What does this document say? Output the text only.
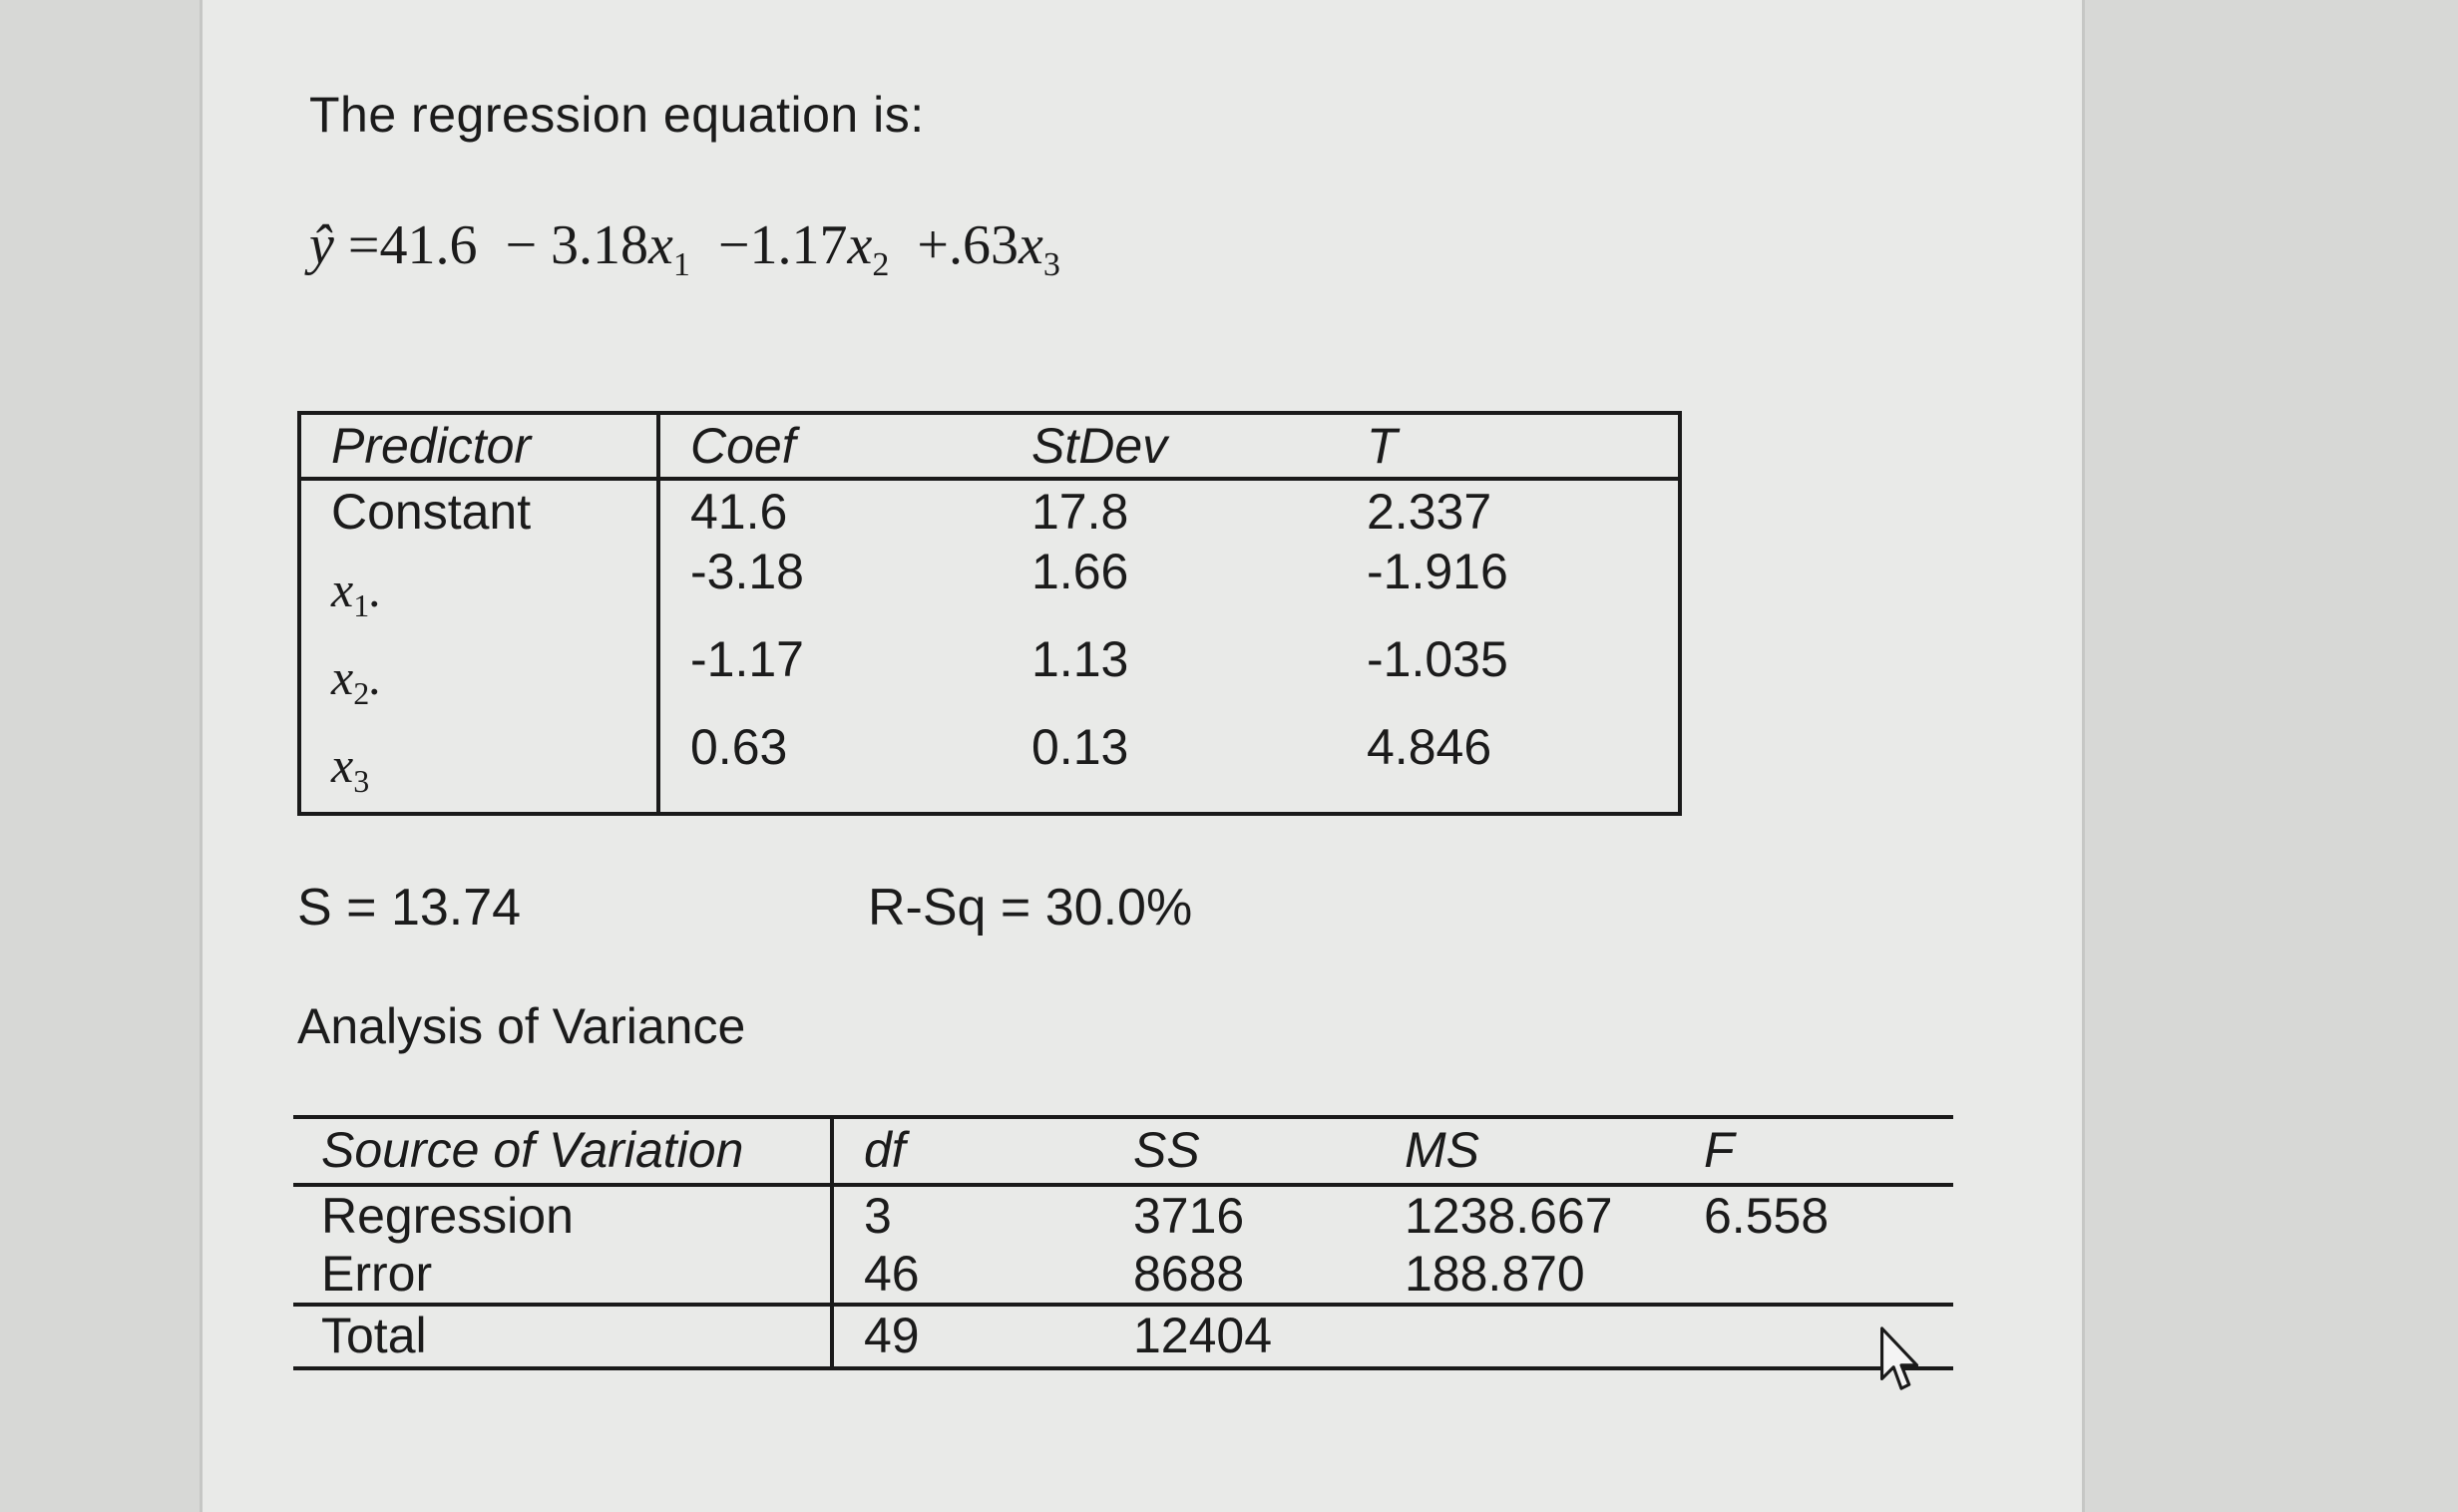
The regression equation is:
ŷ $=41.6 - 3.18x_1 -1.17x_2 +.63x_3$
Predictor	Coef	StDev	T
Constant	41.6	17.8	2.337
$x_1$.	-3.18	1.66	-1.916
$x_2$.	-1.17	1.13	-1.035
$x_3$	0.63	0.13	4.846
S = 13.74	R-Sq = 30.0%
Analysis of Variance
Source of Variation	df	SS	MS	F
Regression	3	3716	1238.667	6.558
Error	46	8688	188.870	
Total	49	12404		
